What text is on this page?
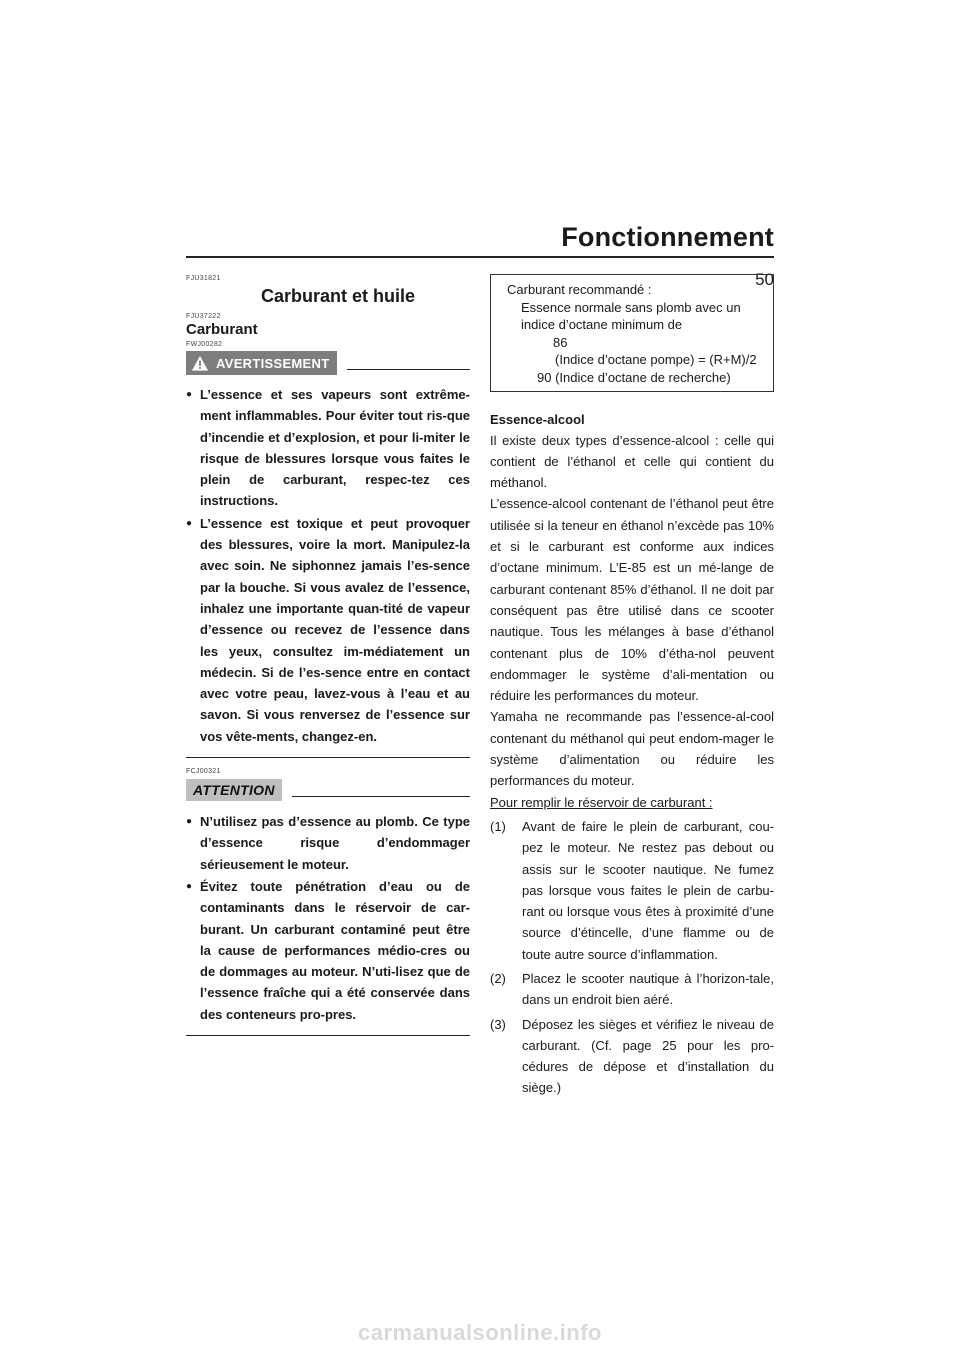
Fonctionnement
50
FJU31821
Carburant et huile
FJU37222
Carburant
FWJ00282
AVERTISSEMENT
● L’essence et ses vapeurs sont extrême-ment inflammables. Pour éviter tout ris-que d’incendie et d’explosion, et pour li-miter le risque de blessures lorsque vous faites le plein de carburant, respec-tez ces instructions.
● L’essence est toxique et peut provoquer des blessures, voire la mort. Manipulez-la avec soin. Ne siphonnez jamais l’es-sence par la bouche. Si vous avalez de l’essence, inhalez une importante quan-tité de vapeur d’essence ou recevez de l’essence dans les yeux, consultez im-médiatement un médecin. Si de l’es-sence entre en contact avec votre peau, lavez-vous à l’eau et au savon. Si vous renversez de l’essence sur vos vête-ments, changez-en.
FCJ00321
ATTENTION
● N’utilisez pas d’essence au plomb. Ce type d’essence risque d’endommager sérieusement le moteur.
● Évitez toute pénétration d’eau ou de contaminants dans le réservoir de car-burant. Un carburant contaminé peut être la cause de performances médio-cres ou de dommages au moteur. N’uti-lisez que de l’essence fraîche qui a été conservée dans des conteneurs pro-pres.
Carburant recommandé :
Essence normale sans plomb avec un
indice d’octane minimum de
86
(Indice d’octane pompe) = (R+M)/2
90 (Indice d’octane de recherche)
Essence-alcool

Il existe deux types d’essence-alcool : celle qui contient de l’éthanol et celle qui contient du méthanol.

L’essence-alcool contenant de l’éthanol peut être utilisée si la teneur en éthanol n’excède pas 10% et si le carburant est conforme aux indices d’octane minimum. L’E-85 est un mé-lange de carburant contenant 85% d’éthanol. Il ne doit par conséquent pas être utilisé dans ce scooter nautique. Tous les mélanges à base d’éthanol contenant plus de 10% d’étha-nol peuvent endommager le système d’ali-mentation ou réduire les performances du moteur.

Yamaha ne recommande pas l’essence-al-cool contenant du méthanol qui peut endom-mager le système d’alimentation ou réduire les performances du moteur.

Pour remplir le réservoir de carburant :
(1) Avant de faire le plein de carburant, cou-pez le moteur. Ne restez pas debout ou assis sur le scooter nautique. Ne fumez pas lorsque vous faites le plein de carbu-rant ou lorsque vous êtes à proximité d’une source d’étincelle, d’une flamme ou de toute autre source d’inflammation.
(2) Placez le scooter nautique à l’horizon-tale, dans un endroit bien aéré.
(3) Déposez les sièges et vérifiez le niveau de carburant. (Cf. page 25 pour les pro-cédures de dépose et d’installation du siège.)
carmanualsonline.info
